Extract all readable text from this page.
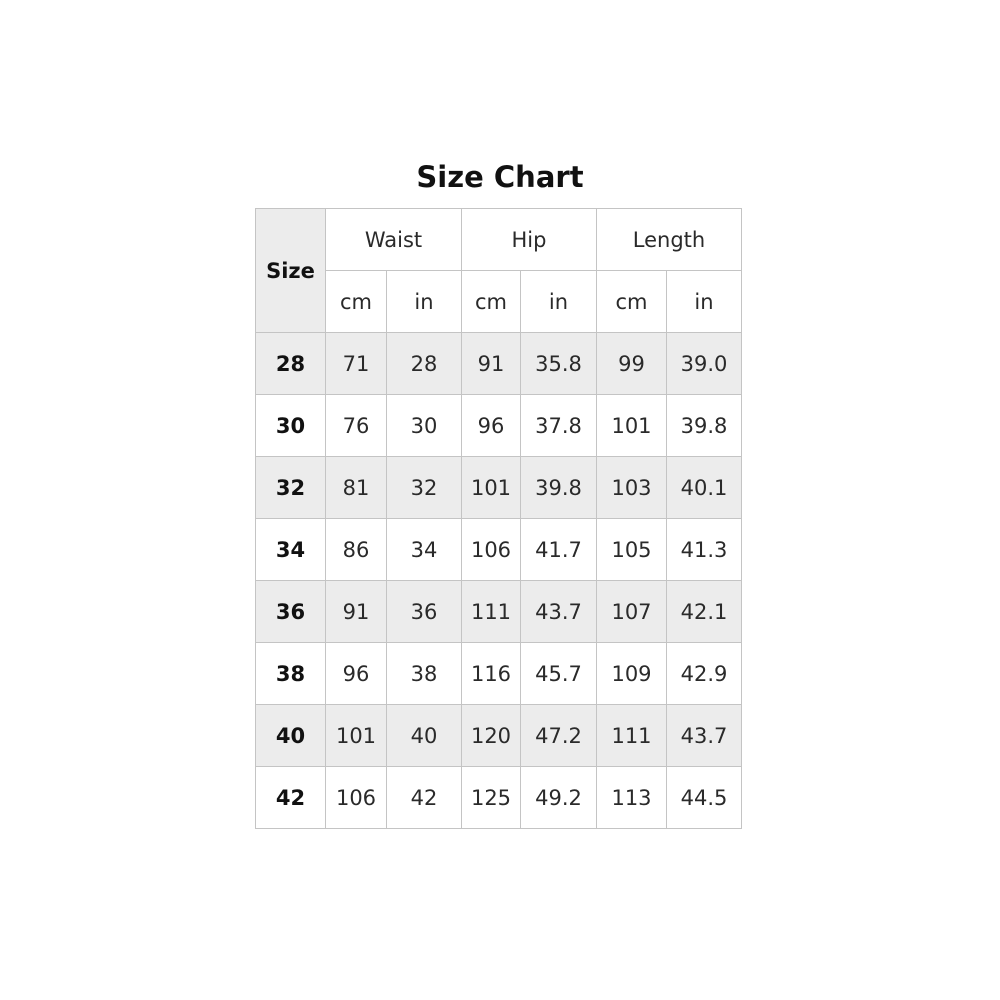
Size Chart
Size	Waist		Hip		Length	
	cm	in	cm	in	cm	in
28	71	28	91	35.8	99	39.0
30	76	30	96	37.8	101	39.8
32	81	32	101	39.8	103	40.1
34	86	34	106	41.7	105	41.3
36	91	36	111	43.7	107	42.1
38	96	38	116	45.7	109	42.9
40	101	40	120	47.2	111	43.7
42	106	42	125	49.2	113	44.5
